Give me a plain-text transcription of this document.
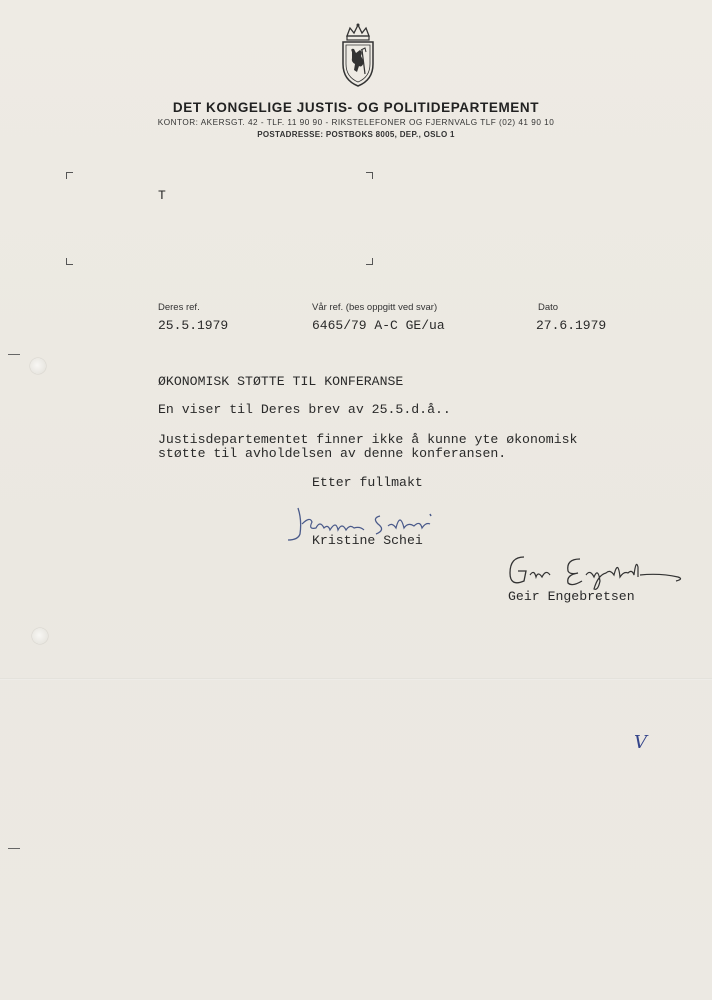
DET KONGELIGE JUSTIS- OG POLITIDEPARTEMENT
KONTOR: AKERSGT. 42 - TLF. 11 90 90 - RIKSTELEFONER OG FJERNVALG TLF (02) 41 90 10
POSTADRESSE: POSTBOKS 8005, DEP., OSLO 1
T
Deres ref.
25.5.1979
Vår ref. (bes oppgitt ved svar)
6465/79 A-C GE/ua
Dato
27.6.1979
ØKONOMISK STØTTE TIL KONFERANSE
En viser til Deres brev av 25.5.d.å..
Justisdepartementet finner ikke å kunne yte økonomisk
støtte til avholdelsen av denne konferansen.
Etter fullmakt
Kristine Schei
Geir Engebretsen
V
